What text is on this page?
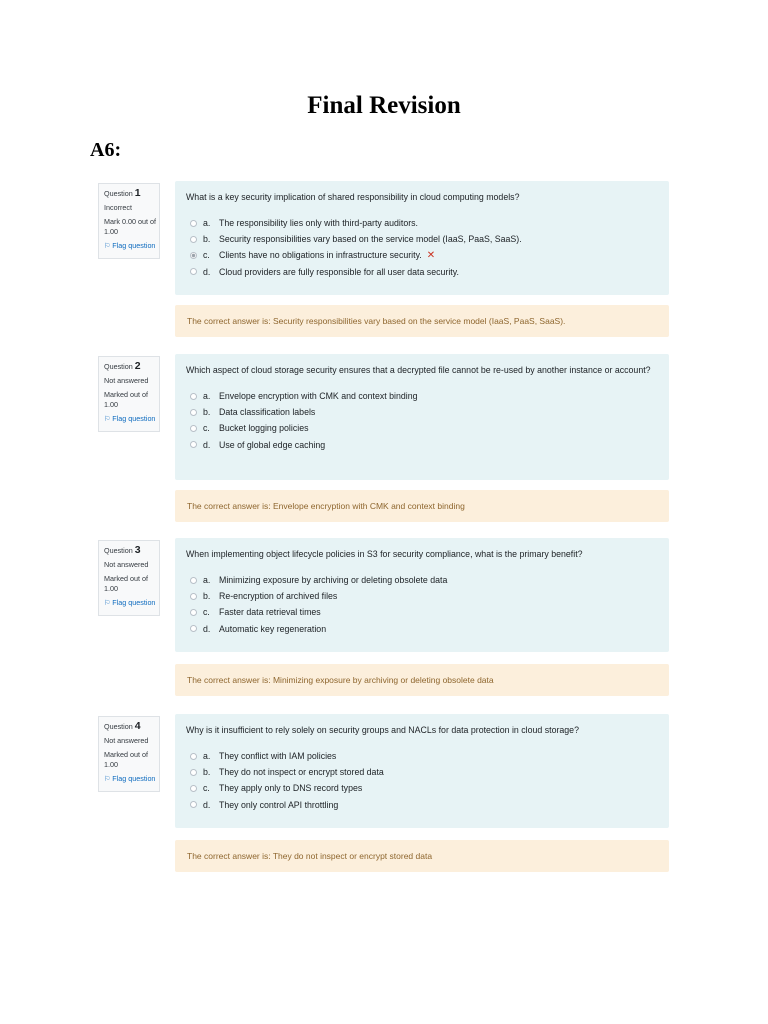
Final Revision
A6:
Question 1
Incorrect
Mark 0.00 out of 1.00
⚐ Flag question
What is a key security implication of shared responsibility in cloud computing models?
a. The responsibility lies only with third-party auditors.
b. Security responsibilities vary based on the service model (IaaS, PaaS, SaaS).
c.	Clients have no obligations in infrastructure security. ✕
d. Cloud providers are fully responsible for all user data security.
The correct answer is: Security responsibilities vary based on the service model (IaaS, PaaS, SaaS).
Question 2
Not answered
Marked out of 1.00
⚐ Flag question
Which aspect of cloud storage security ensures that a decrypted file cannot be re-used by another instance or account?
a. Envelope encryption with CMK and context binding
b. Data classification labels
c.	Bucket logging policies
d. Use of global edge caching
The correct answer is: Envelope encryption with CMK and context binding
Question 3
Not answered
Marked out of 1.00
⚐ Flag question
When implementing object lifecycle policies in S3 for security compliance, what is the primary benefit?
a. Minimizing exposure by archiving or deleting obsolete data
b. Re-encryption of archived files
c.	Faster data retrieval times
d. Automatic key regeneration
The correct answer is: Minimizing exposure by archiving or deleting obsolete data
Question 4
Not answered
Marked out of 1.00
⚐ Flag question
Why is it insufficient to rely solely on security groups and NACLs for data protection in cloud storage?
a. They conflict with IAM policies
b. They do not inspect or encrypt stored data
c.	They apply only to DNS record types
d. They only control API throttling
The correct answer is: They do not inspect or encrypt stored data
